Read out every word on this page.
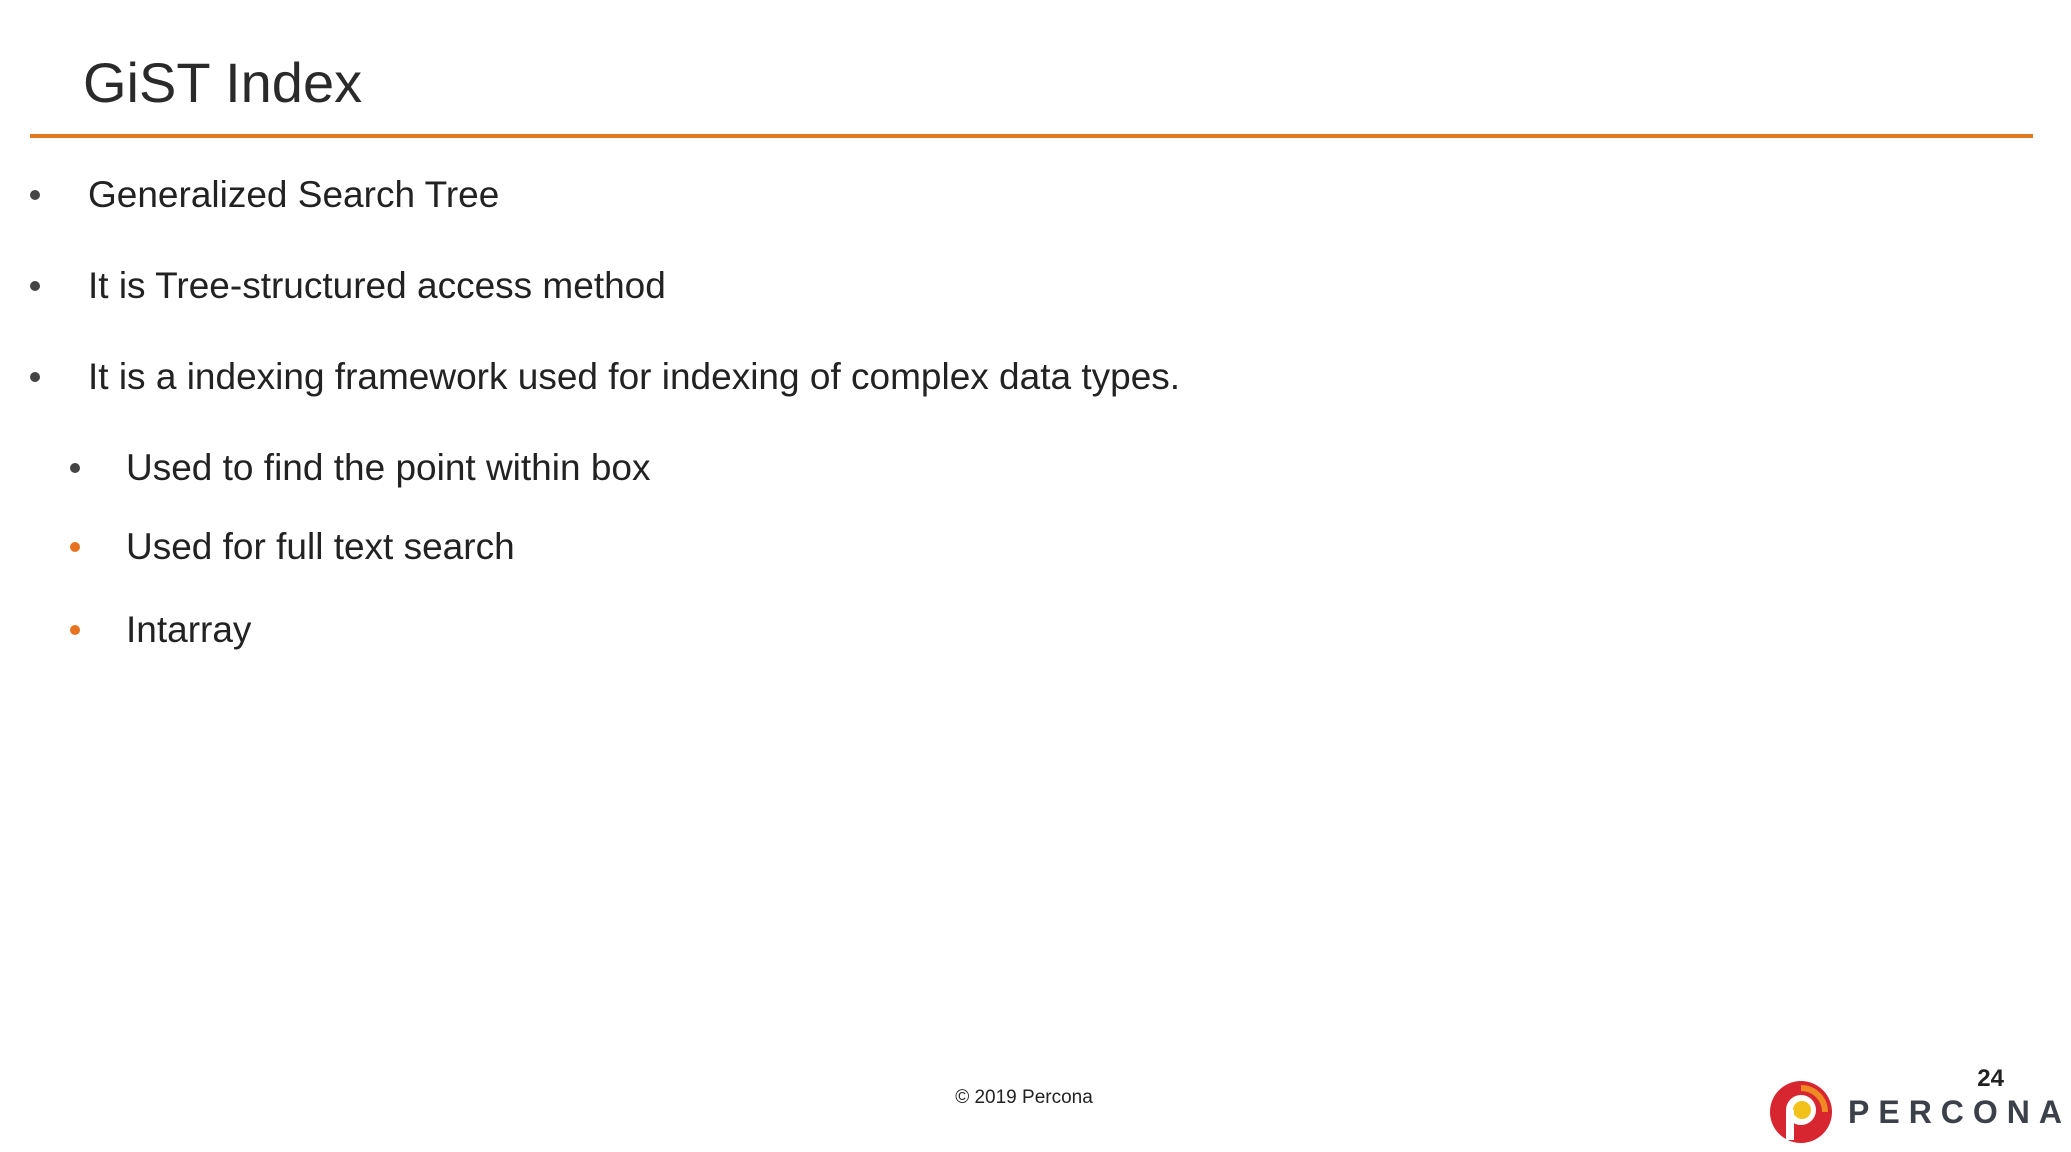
GiST Index
Generalized Search Tree
It is Tree-structured access method
It is a indexing framework used for indexing of complex data types.
Used to find the point within box
Used for full text search
Intarray
© 2019 Percona
24
PERCONA
